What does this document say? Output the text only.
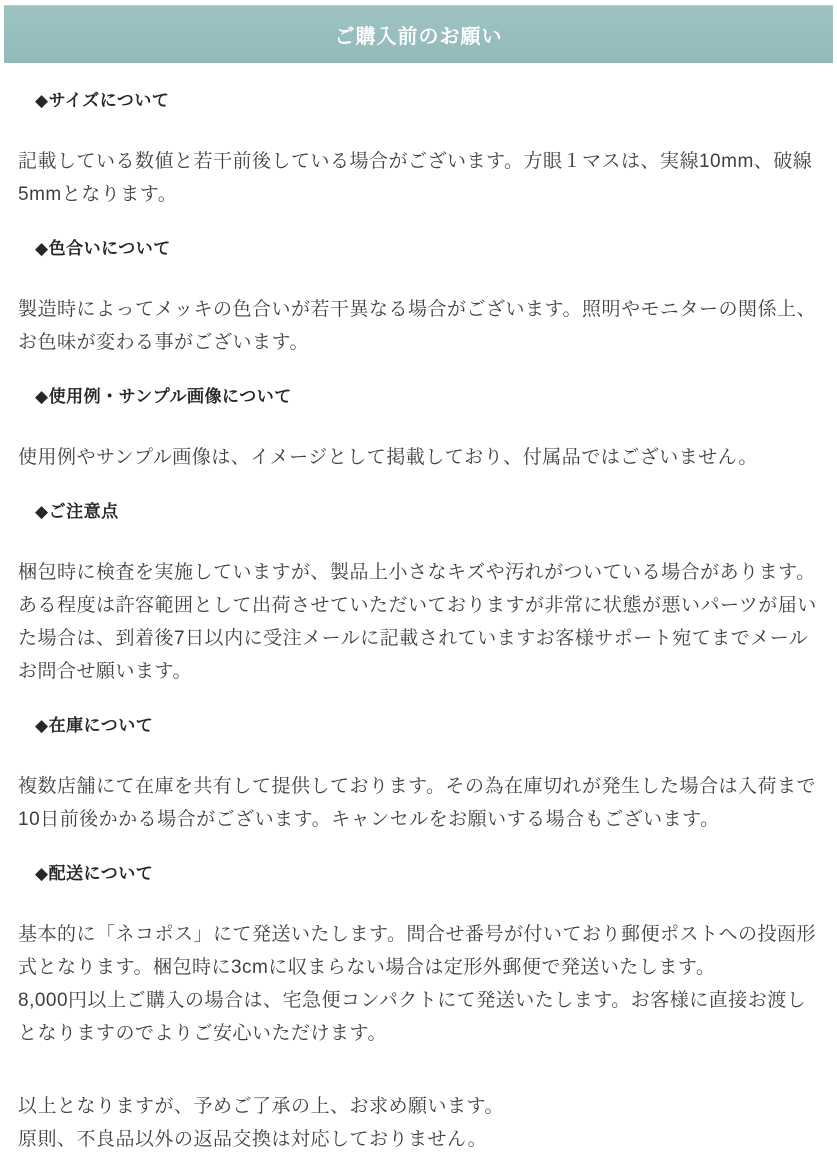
ご購入前のお願い
◆サイズについて

記載している数値と若干前後している場合がございます。方眼１マスは、実線10mm、破線5mmとなります。

◆色合いについて

製造時によってメッキの色合いが若干異なる場合がございます。照明やモニターの関係上、お色味が変わる事がございます。

◆使用例・サンプル画像について

使用例やサンプル画像は、イメージとして掲載しており、付属品ではございません。

◆ご注意点

梱包時に検査を実施していますが、製品上小さなキズや汚れがついている場合があります。ある程度は許容範囲として出荷させていただいておりますが非常に状態が悪いパーツが届いた場合は、到着後7日以内に受注メールに記載されていますお客様サポート宛てまでメールお問合せ願います。

◆在庫について

複数店舗にて在庫を共有して提供しております。その為在庫切れが発生した場合は入荷まで10日前後かかる場合がございます。キャンセルをお願いする場合もございます。

◆配送について
基本的に「ネコポス」にて発送いたします。問合せ番号が付いており郵便ポストへの投函形式となります。梱包時に3cmに収まらない場合は定形外郵便で発送いたします。
8,000円以上ご購入の場合は、宅急便コンパクトにて発送いたします。お客様に直接お渡しとなりますのでよりご安心いただけます。
以上となりますが、予めご了承の上、お求め願います。
原則、不良品以外の返品交換は対応しておりません。
